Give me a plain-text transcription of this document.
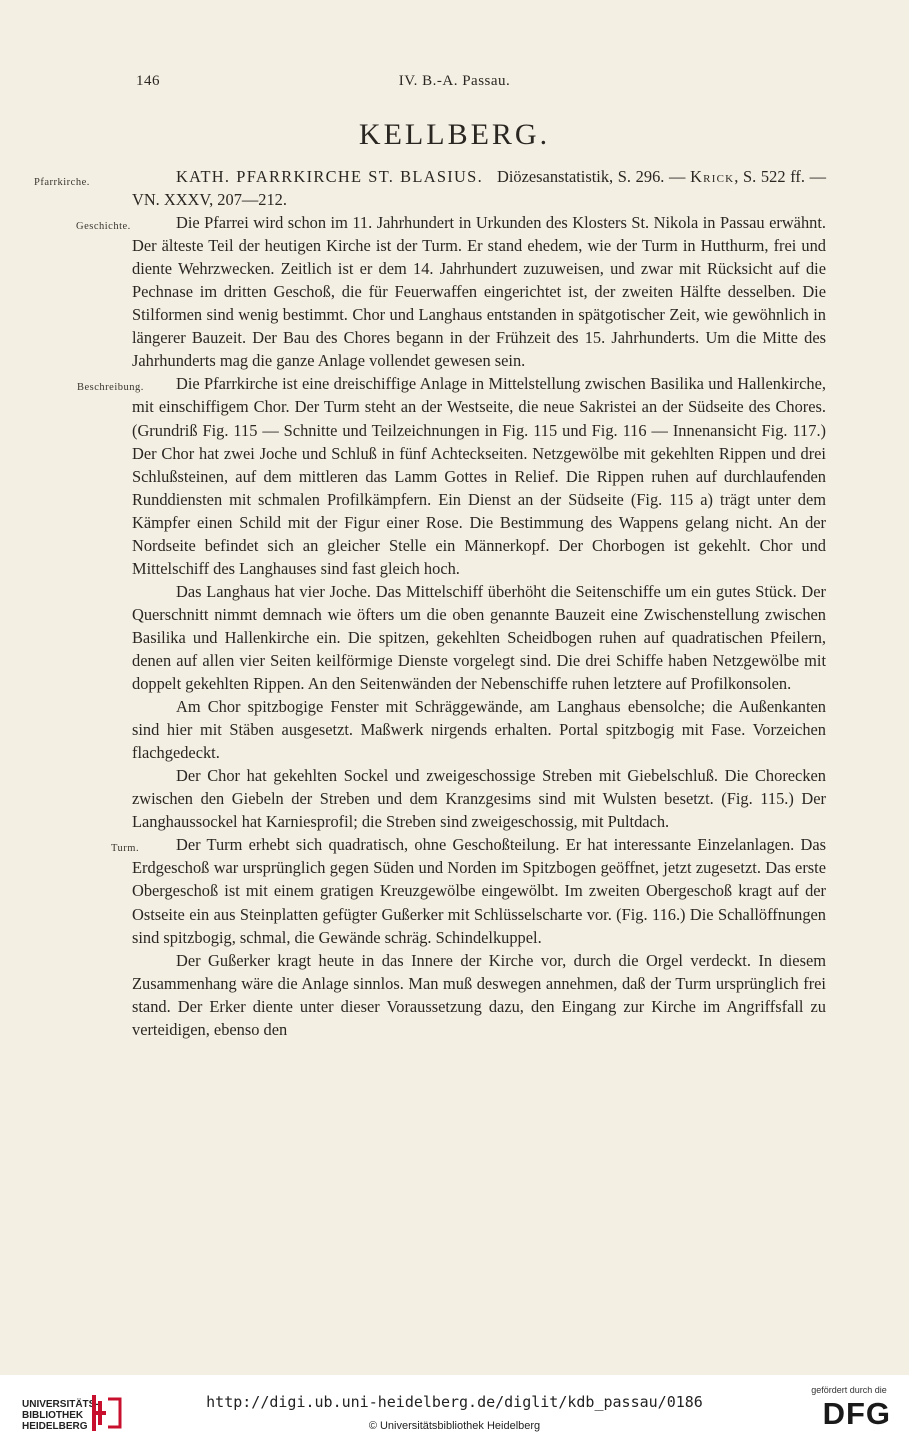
146	IV. B.-A. Passau.
KELLBERG.

Pfarrkirche.	KATH. PFARRKIRCHE ST. BLASIUS. Diözesanstatistik, S. 296. — Krick, S. 522 ff. — VN. XXXV, 207—212.

Geschichte.	Die Pfarrei wird schon im 11. Jahrhundert in Urkunden des Klosters St. Nikola in Passau erwähnt. Der älteste Teil der heutigen Kirche ist der Turm. Er stand ehedem, wie der Turm in Hutthurm, frei und diente Wehrzwecken. Zeitlich ist er dem 14. Jahrhundert zuzuweisen, und zwar mit Rücksicht auf die Pechnase im dritten Geschoß, die für Feuerwaffen eingerichtet ist, der zweiten Hälfte desselben. Die Stilformen sind wenig bestimmt. Chor und Langhaus entstanden in spätgotischer Zeit, wie gewöhnlich in längerer Bauzeit. Der Bau des Chores begann in der Frühzeit des 15. Jahrhunderts. Um die Mitte des Jahrhunderts mag die ganze Anlage vollendet gewesen sein.

Beschreibung. Die Pfarrkirche ist eine dreischiffige Anlage in Mittelstellung zwischen Basilika und Hallenkirche, mit einschiffigem Chor. Der Turm steht an der Westseite, die neue Sakristei an der Südseite des Chores. (Grundriß Fig. 115 — Schnitte und Teilzeichnungen in Fig. 115 und Fig. 116 — Innenansicht Fig. 117.) Der Chor hat zwei Joche und Schluß in fünf Achteckseiten. Netzgewölbe mit gekehlten Rippen und drei Schlußsteinen, auf dem mittleren das Lamm Gottes in Relief. Die Rippen ruhen auf durchlaufenden Runddiensten mit schmalen Profilkämpfern. Ein Dienst an der Südseite (Fig. 115 a) trägt unter dem Kämpfer einen Schild mit der Figur einer Rose. Die Bestimmung des Wappens gelang nicht. An der Nordseite befindet sich an gleicher Stelle ein Männerkopf. Der Chorbogen ist gekehlt. Chor und Mittelschiff des Langhauses sind fast gleich hoch.

Das Langhaus hat vier Joche. Das Mittelschiff überhöht die Seitenschiffe um ein gutes Stück. Der Querschnitt nimmt demnach wie öfters um die oben genannte Bauzeit eine Zwischenstellung zwischen Basilika und Hallenkirche ein. Die spitzen, gekehlten Scheidbogen ruhen auf quadratischen Pfeilern, denen auf allen vier Seiten keilförmige Dienste vorgelegt sind. Die drei Schiffe haben Netzgewölbe mit doppelt gekehlten Rippen. An den Seitenwänden der Nebenschiffe ruhen letztere auf Profilkonsolen.

Am Chor spitzbogige Fenster mit Schräggewände, am Langhaus ebensolche; die Außenkanten sind hier mit Stäben ausgesetzt. Maßwerk nirgends erhalten. Portal spitzbogig mit Fase. Vorzeichen flachgedeckt.

Der Chor hat gekehlten Sockel und zweigeschossige Streben mit Giebelschluß. Die Chorecken zwischen den Giebeln der Streben und dem Kranzgesims sind mit Wulsten besetzt. (Fig. 115.) Der Langhaussockel hat Karniesprofil; die Streben sind zweigeschossig, mit Pultdach.

Turm. Der Turm erhebt sich quadratisch, ohne Geschoßteilung. Er hat interessante Einzelanlagen. Das Erdgeschoß war ursprünglich gegen Süden und Norden im Spitzbogen geöffnet, jetzt zugesetzt. Das erste Obergeschoß ist mit einem gratigen Kreuzgewölbe eingewölbt. Im zweiten Obergeschoß kragt auf der Ostseite ein aus Steinplatten gefügter Gußerker mit Schlüsselscharte vor. (Fig. 116.) Die Schallöffnungen sind spitzbogig, schmal, die Gewände schräg. Schindelkuppel.

Der Gußerker kragt heute in das Innere der Kirche vor, durch die Orgel verdeckt. In diesem Zusammenhang wäre die Anlage sinnlos. Man muß deswegen annehmen, daß der Turm ursprünglich frei stand. Der Erker diente unter dieser Voraussetzung dazu, den Eingang zur Kirche im Angriffsfall zu verteidigen, ebenso den

UNIVERSITÄTS-
BIBLIOTHEK
HEIDELBERG
http://digi.ub.uni-heidelberg.de/diglit/kdb_passau/0186
© Universitätsbibliothek Heidelberg
gefördert durch die
DFG
